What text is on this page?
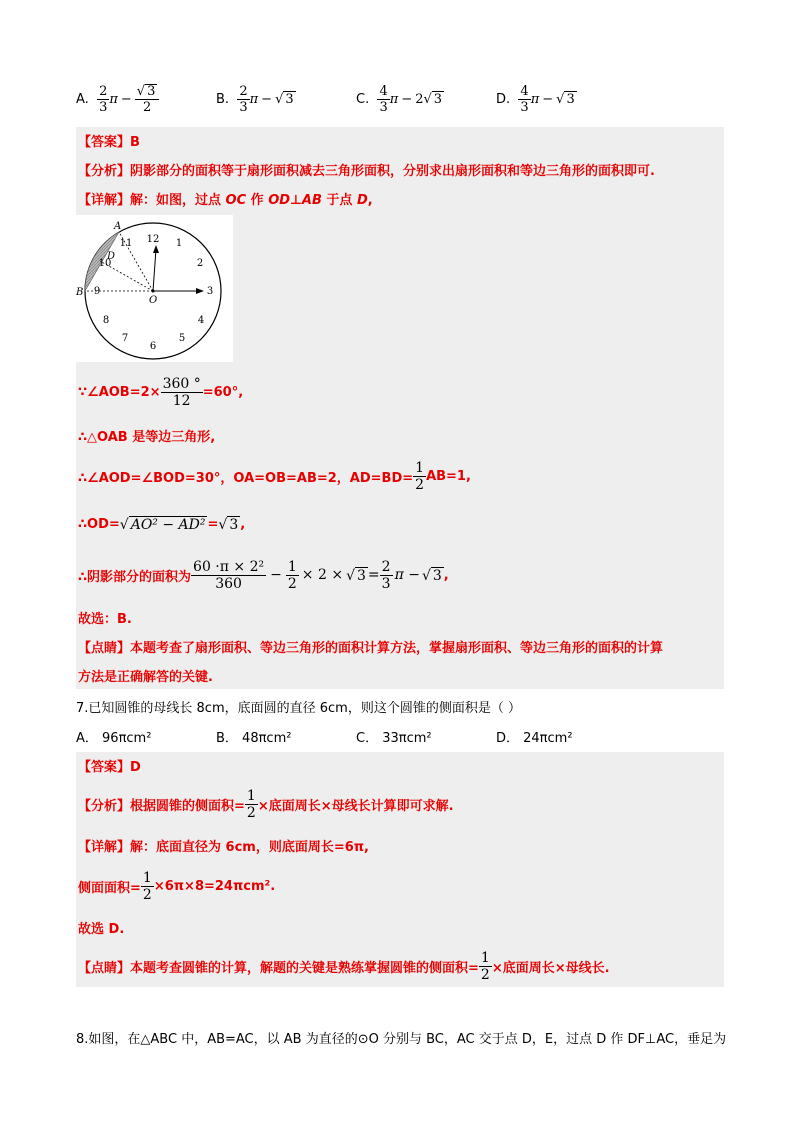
A.
$\frac{2}{3}$ $\pi - \frac{√ 3}{2}$	B.
$\frac{2}{3}$ π − √ 3	C.
$\frac{4}{3}$ π − 2 √ 3	D.
$\frac{4}{3}$ π − √ 3
【答案】B
【分析】阴影部分的面积等于扇形面积减去三角形面积，分别求出扇形面积和等边三角形的面积即可.
【详解】解：如图，过点 OC 作 OD⊥AB 于点 D,
12 1
2
3
4
5
6
7
8
9
10
11
A
B
D
O
∵∠AOB=2× $\frac{360 ^\circ}{12} =60^\circ$,
∴△OAB 是等边三角形,
∴∠AOD=∠BOD=30°，OA=OB=AB=2，$AD=BD= \frac{1}{2} AB=1$,
∴OD= √ AO² − AD² = √ 3 ,
∴阴影部分的面积为 $\frac{\text{60 ·π × 2²}}{360} - \frac{1}{2} \times 2$ × √ $3 = \frac{2}{3}$ π − √ 3 ,
故选：B.
【点睛】本题考查了扇形面积、等边三角形的面积计算方法，掌握扇形面积、等边三角形的面积的计算
方法是正确解答的关键.
7.已知圆锥的母线长 8cm，底面圆的直径 6cm，则这个圆锥的侧面积是（ ）
A． 96πcm²	B． 48πcm²	C． 33πcm²	D． 24πcm²
【答案】D
【分析】根据圆锥的侧面积= $\frac{1}{2}$ ×底面周长×母线长计算即可求解.
【详解】解：底面直径为 6cm，则底面周长=6π,
侧面面积= $\frac{1}{2} \times 6\pi\times 8=24\pi cm^2$.
故选 D.
【点睛】本题考查圆锥的计算，解题的关键是熟练掌握圆锥的侧面积= $\frac{1}{2}$ ×底面周长×母线长.
8.如图，在△ABC 中，AB=AC，以 AB 为直径的⊙O 分别与 BC，AC 交于点 D，E，过点 D 作 DF⊥AC，垂足为
